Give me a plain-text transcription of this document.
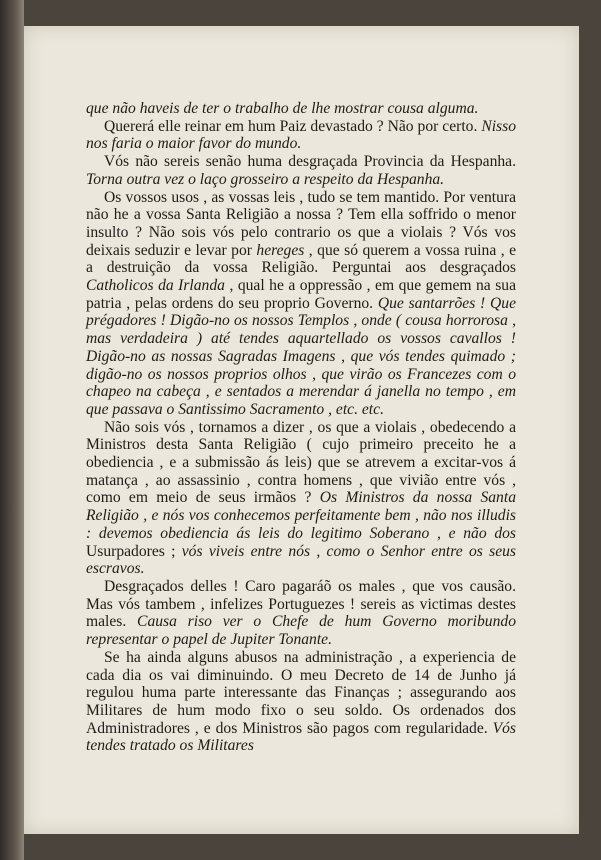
que não haveis de ter o trabalho de lhe mostrar cousa alguma.

Quererá elle reinar em hum Paiz devastado ? Não por certo. Nisso nos faria o maior favor do mundo.

Vós não sereis senão huma desgraçada Provincia da Hespanha. Torna outra vez o laço grosseiro a respeito da Hespanha.

Os vossos usos , as vossas leis , tudo se tem mantido. Por ventura não he a vossa Santa Religião a nossa ? Tem ella soffrido o menor insulto ? Não sois vós pelo contrario os que a violais ? Vós vos deixais seduzir e levar por hereges , que só querem a vossa ruina , e a destruição da vossa Religião. Perguntai aos desgraçados Catholicos da Irlanda , qual he a oppressão , em que gemem na sua patria , pelas ordens do seu proprio Governo. Que santarrões ! Que prégadores ! Digão-no os nossos Templos , onde ( cousa horrorosa , mas verdadeira ) até tendes aquartellado os vossos cavallos ! Digão-no as nossas Sagradas Imagens , que vós tendes quimado ; digão-no os nossos proprios olhos , que virão os Francezes com o chapeo na cabeça , e sentados a merendar á janella no tempo , em que passava o Santissimo Sacramento , etc. etc.

Não sois vós , tornamos a dizer , os que a violais , obedecendo a Ministros desta Santa Religião ( cujo primeiro preceito he a obediencia , e a submissão ás leis) que se atrevem a excitar-vos á matança , ao assassinio , contra homens , que vivião entre vós , como em meio de seus irmãos ? Os Ministros da nossa Santa Religião , e nós vos conhecemos perfeitamente bem , não nos illudis : devemos obediencia ás leis do legitimo Soberano , e não dos Usurpadores ; vós viveis entre nós , como o Senhor entre os seus escravos.

Desgraçados delles ! Caro pagaráõ os males , que vos causão. Mas vós tambem , infelizes Portuguezes ! sereis as victimas destes males. Causa riso ver o Chefe de hum Governo moribundo representar o papel de Jupiter Tonante.

Se ha ainda alguns abusos na administração , a experiencia de cada dia os vai diminuindo. O meu Decreto de 14 de Junho já regulou huma parte interessante das Finanças ; assegurando aos Militares de hum modo fixo o seu soldo. Os ordenados dos Administradores , e dos Ministros são pagos com regularidade. Vós tendes tratado os Militares
